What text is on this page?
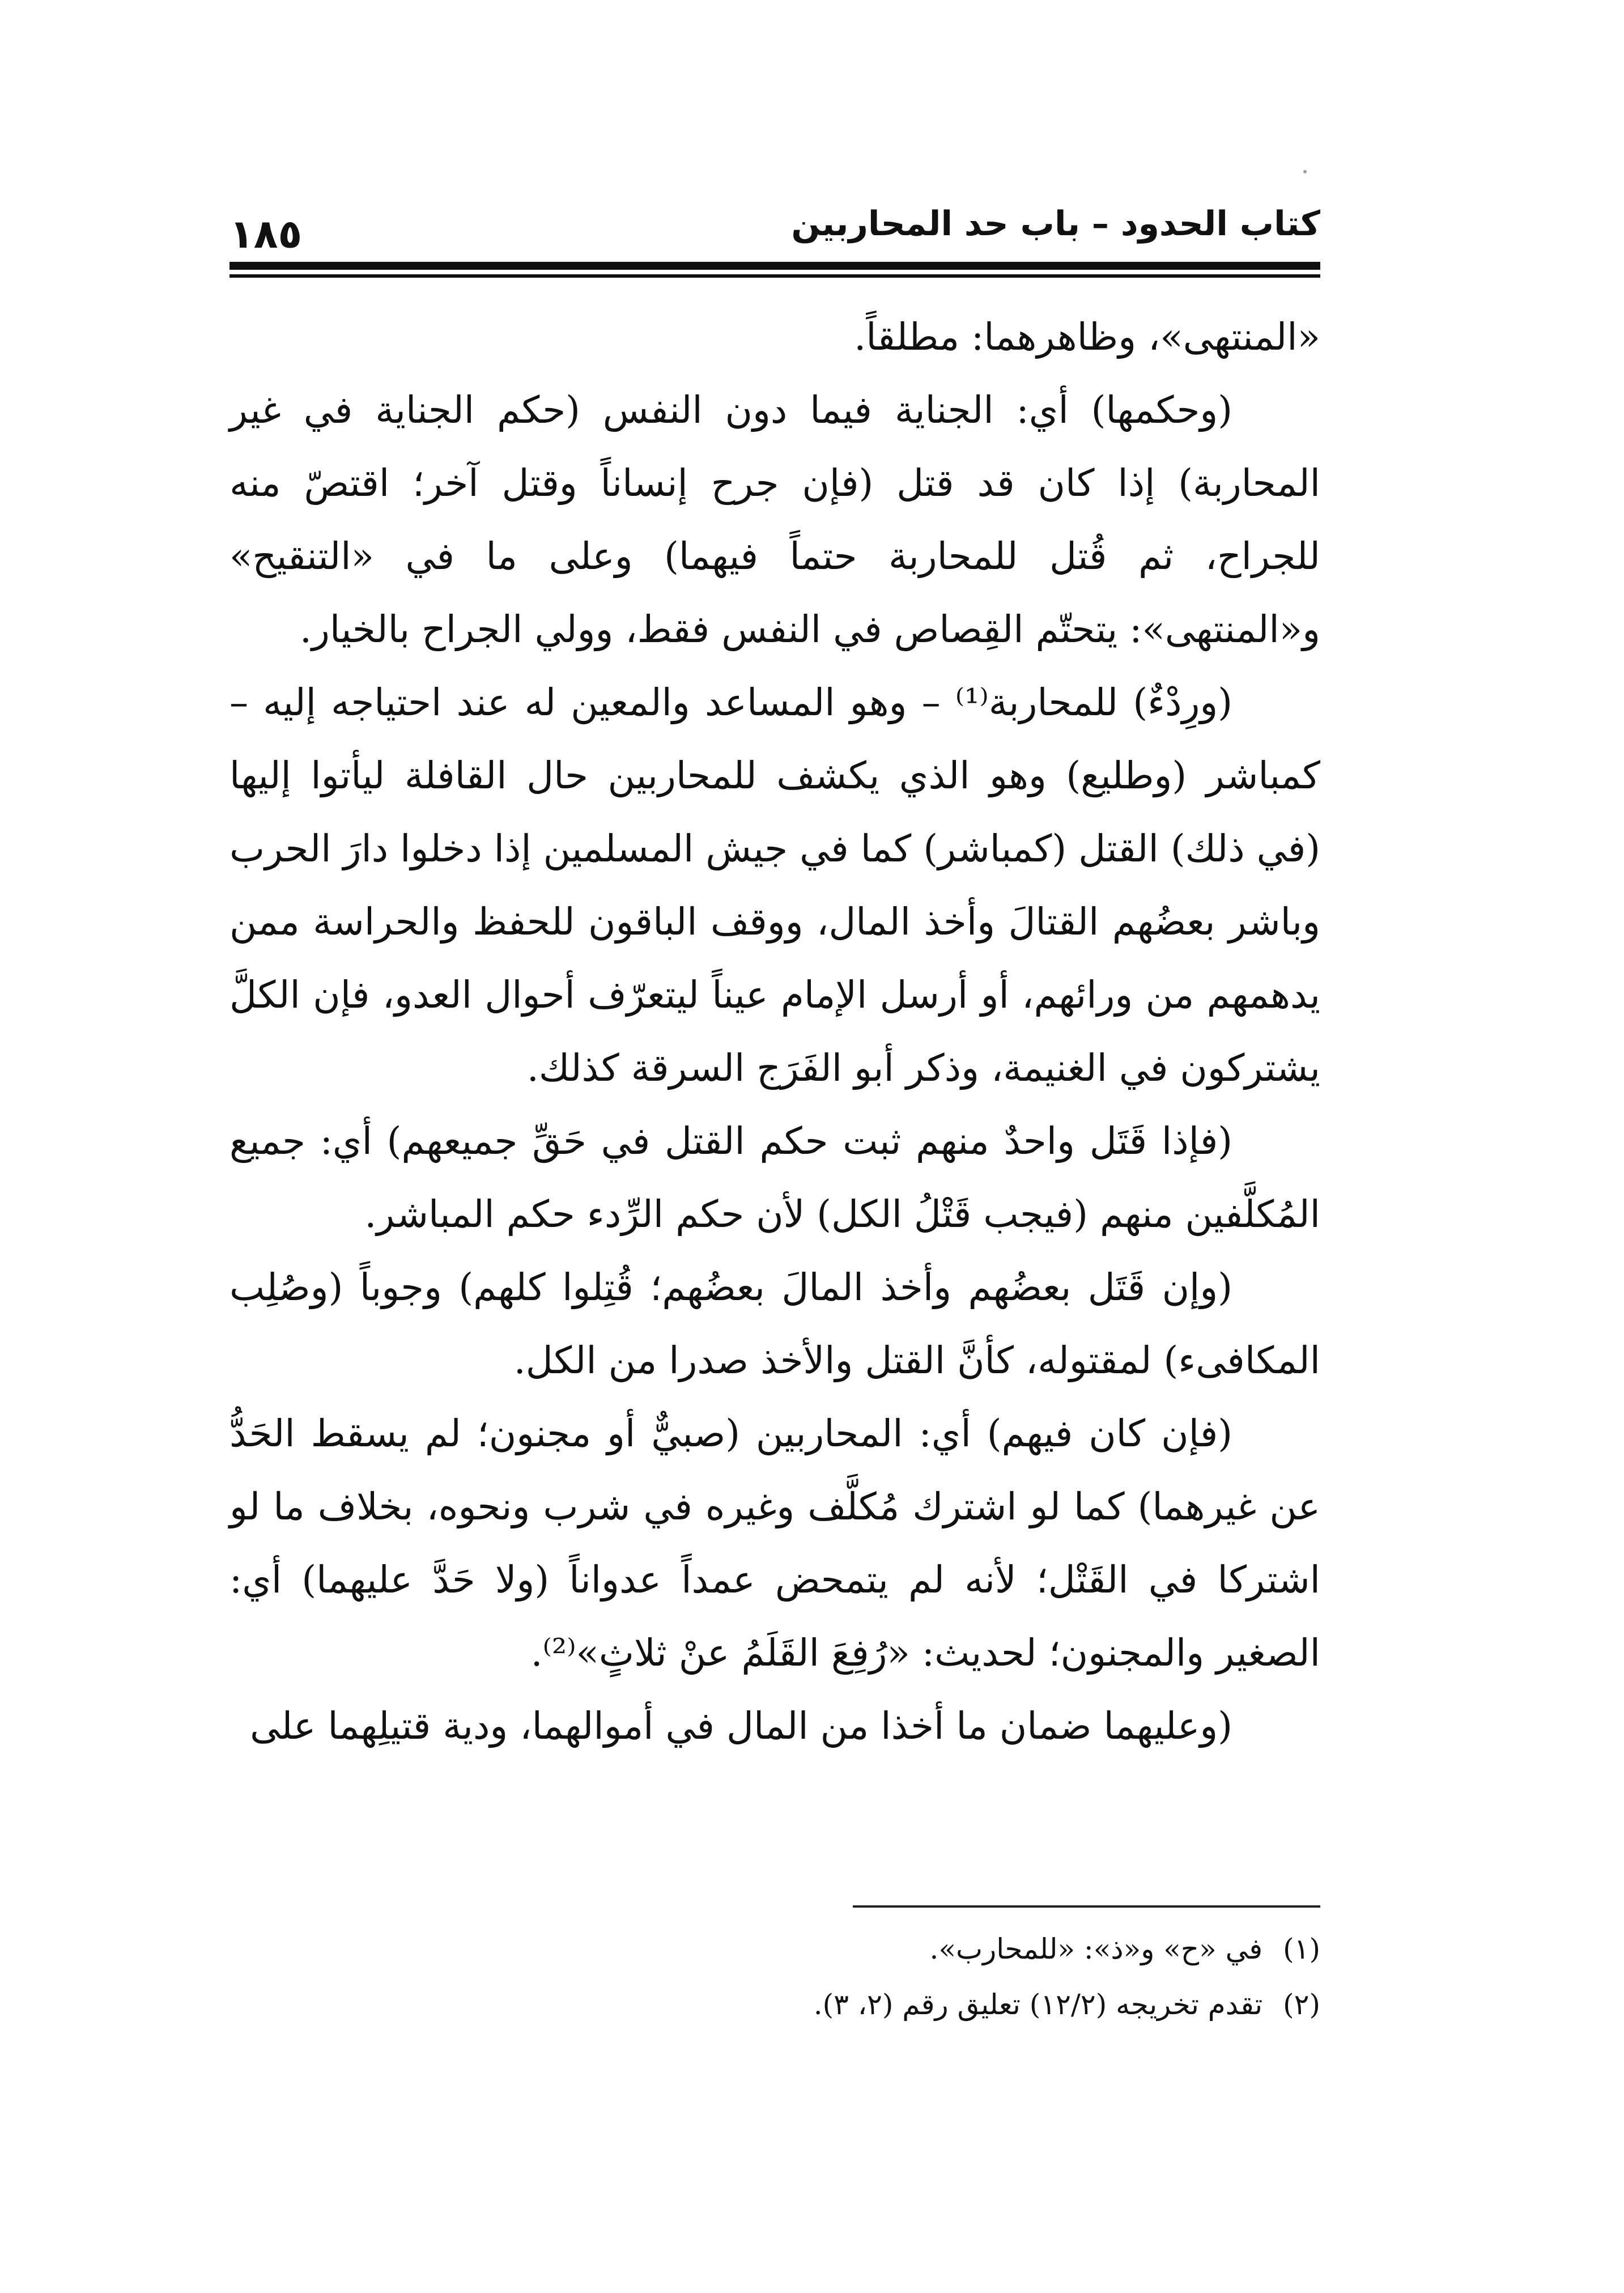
كتاب الحدود – باب حد المحاربين
١٨٥

«المنتهى»، وظاهرهما: مطلقاً.

(وحكمها) أي: الجناية فيما دون النفس (حكم الجناية في غير المحاربة) إذا كان قد قتل (فإن جرح إنساناً وقتل آخر؛ اقتصّ منه للجراح، ثم قُتل للمحاربة حتماً فيهما) وعلى ما في «التنقيح» و«المنتهى»: يتحتّم القِصاص في النفس فقط، وولي الجراح بالخيار.

(ورِدْءٌ) للمحاربة⁽¹⁾ – وهو المساعد والمعين له عند احتياجه إليه – كمباشر (وطليع) وهو الذي يكشف للمحاربين حال القافلة ليأتوا إليها (في ذلك) القتل (كمباشر) كما في جيش المسلمين إذا دخلوا دارَ الحرب وباشر بعضُهم القتالَ وأخذ المال، ووقف الباقون للحفظ والحراسة ممن يدهمهم من ورائهم، أو أرسل الإمام عيناً ليتعرّف أحوال العدو، فإن الكلَّ يشتركون في الغنيمة، وذكر أبو الفَرَج السرقة كذلك.

(فإذا قَتَل واحدٌ منهم ثبت حكم القتل في حَقِّ جميعهم) أي: جميع المُكلَّفين منهم (فيجب قَتْلُ الكل) لأن حكم الرِّدء حكم المباشر.

(وإن قَتَل بعضُهم وأخذ المالَ بعضُهم؛ قُتِلوا كلهم) وجوباً (وصُلِب المكافىء) لمقتوله، كأنَّ القتل والأخذ صدرا من الكل.

(فإن كان فيهم) أي: المحاربين (صبيٌّ أو مجنون؛ لم يسقط الحَدُّ عن غيرهما) كما لو اشترك مُكلَّف وغيره في شرب ونحوه، بخلاف ما لو اشتركا في القَتْل؛ لأنه لم يتمحض عمداً عدواناً (ولا حَدَّ عليهما) أي: الصغير والمجنون؛ لحديث: «رُفِعَ القَلَمُ عنْ ثلاثٍ»⁽²⁾.

(وعليهما ضمان ما أخذا من المال في أموالهما، ودية قتيلِهما على

(١) في «ح» و«ذ»: «للمحارب».

(٢) تقدم تخريجه (١٢/٢) تعليق رقم (٢، ٣).
